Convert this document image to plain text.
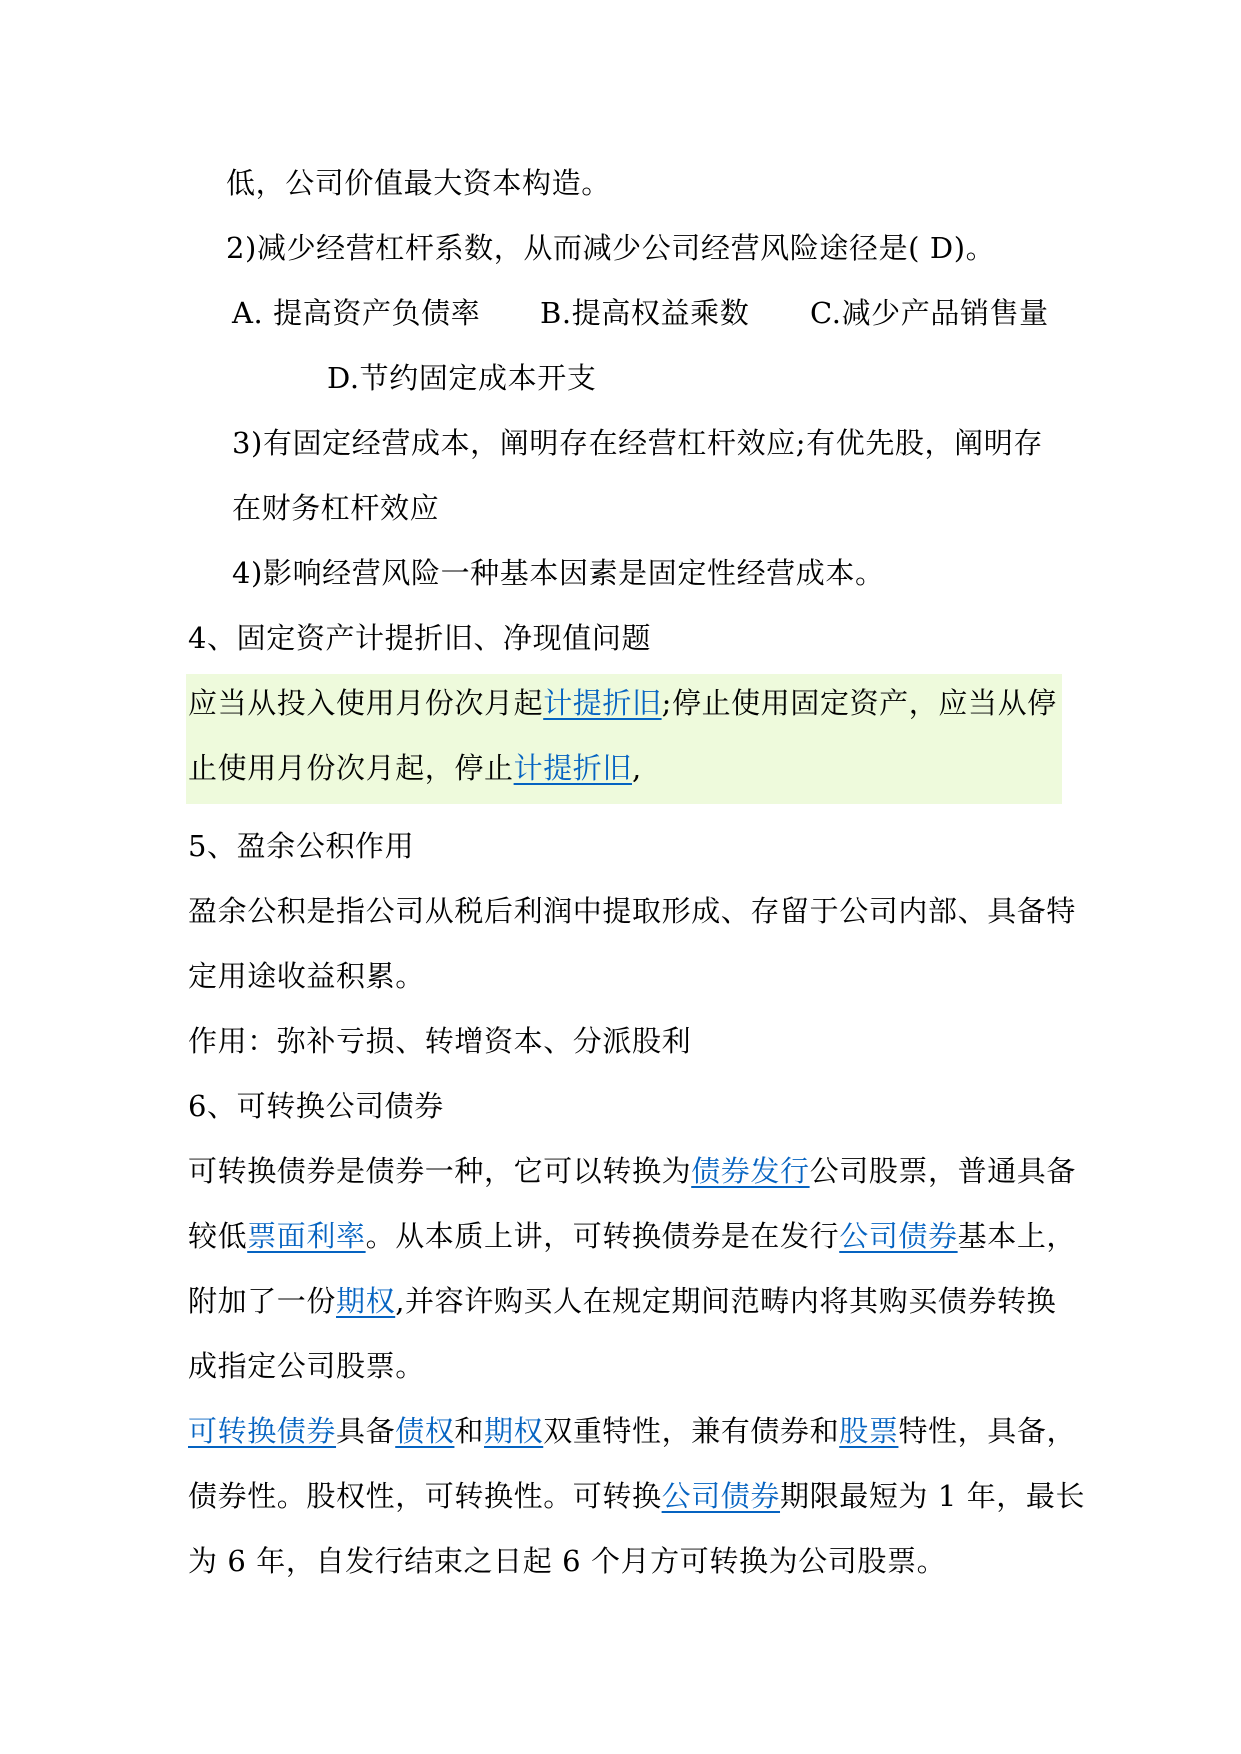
低，公司价值最大资本构造。
2)减少经营杠杆系数，从而减少公司经营风险途径是( D)。
A. 提高资产负债率 B.提高权益乘数 C.减少产品销售量
D.节约固定成本开支
3)有固定经营成本，阐明存在经营杠杆效应;有优先股，阐明存
在财务杠杆效应
4)影响经营风险一种基本因素是固定性经营成本。
4、固定资产计提折旧、净现值问题
应当从投入使用月份次月起计提折旧;停止使用固定资产，应当从停
止使用月份次月起，停止计提折旧,
5、盈余公积作用
盈余公积是指公司从税后利润中提取形成、存留于公司内部、具备特
定用途收益积累。
作用：弥补亏损、转增资本、分派股利
6、可转换公司债券
可转换债券是债券一种，它可以转换为债券发行公司股票，普通具备
较低票面利率。从本质上讲，可转换债券是在发行公司债券基本上，
附加了一份期权,并容许购买人在规定期间范畴内将其购买债券转换
成指定公司股票。
可转换债券具备债权和期权双重特性，兼有债券和股票特性，具备，
债券性。股权性，可转换性。可转换公司债券期限最短为 1 年，最长
为 6 年，自发行结束之日起 6 个月方可转换为公司股票。
